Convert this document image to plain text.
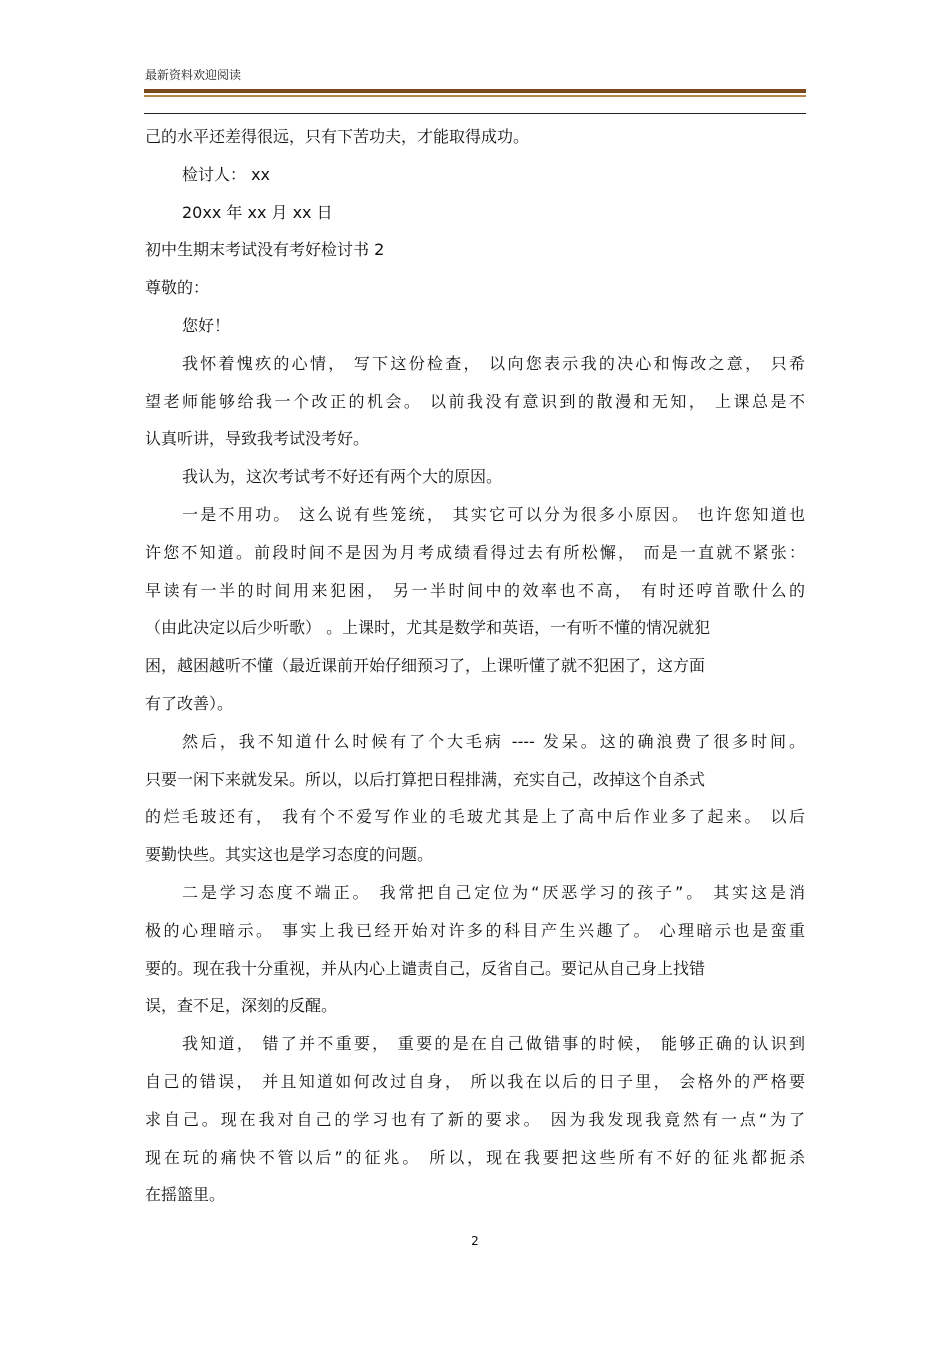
最新资料欢迎阅读
己的水平还差得很远，只有下苦功夫，才能取得成功。
检讨人： xx
20xx 年 xx 月 xx 日
初中生期末考试没有考好检讨书 2
尊敬的：
您好！
我怀着愧疚的心情， 写下这份检查， 以向您表示我的决心和悔改之意， 只希
望老师能够给我一个改正的机会。 以前我没有意识到的散漫和无知， 上课总是不
认真听讲，导致我考试没考好。
我认为，这次考试考不好还有两个大的原因。
一是不用功。 这么说有些笼统， 其实它可以分为很多小原因。 也许您知道也
许您不知道。前段时间不是因为月考成绩看得过去有所松懈， 而是一直就不紧张：
早读有一半的时间用来犯困， 另一半时间中的效率也不高， 有时还哼首歌什么的
（由此决定以后少听歌） 。上课时，尤其是数学和英语，一有听不懂的情况就犯
困，越困越听不懂（最近课前开始仔细预习了，上课听懂了就不犯困了，这方面
有了改善）。
然后，我不知道什么时候有了个大毛病 ---- 发呆。这的确浪费了很多时间。
只要一闲下来就发呆。所以，以后打算把日程排满，充实自己，改掉这个自杀式
的烂毛玻还有， 我有个不爱写作业的毛玻尤其是上了高中后作业多了起来。 以后
要勤快些。其实这也是学习态度的问题。
二是学习态度不端正。 我常把自己定位为“厌恶学习的孩子”。 其实这是消
极的心理暗示。 事实上我已经开始对许多的科目产生兴趣了。 心理暗示也是蛮重
要的。现在我十分重视，并从内心上谴责自己，反省自己。要记从自己身上找错
误，查不足，深刻的反醒。
我知道， 错了并不重要， 重要的是在自己做错事的时候， 能够正确的认识到
自己的错误， 并且知道如何改过自身， 所以我在以后的日子里， 会格外的严格要
求自己。现在我对自己的学习也有了新的要求。 因为我发现我竟然有一点“为了
现在玩的痛快不管以后”的征兆。 所以，现在我要把这些所有不好的征兆都扼杀
在摇篮里。
2
